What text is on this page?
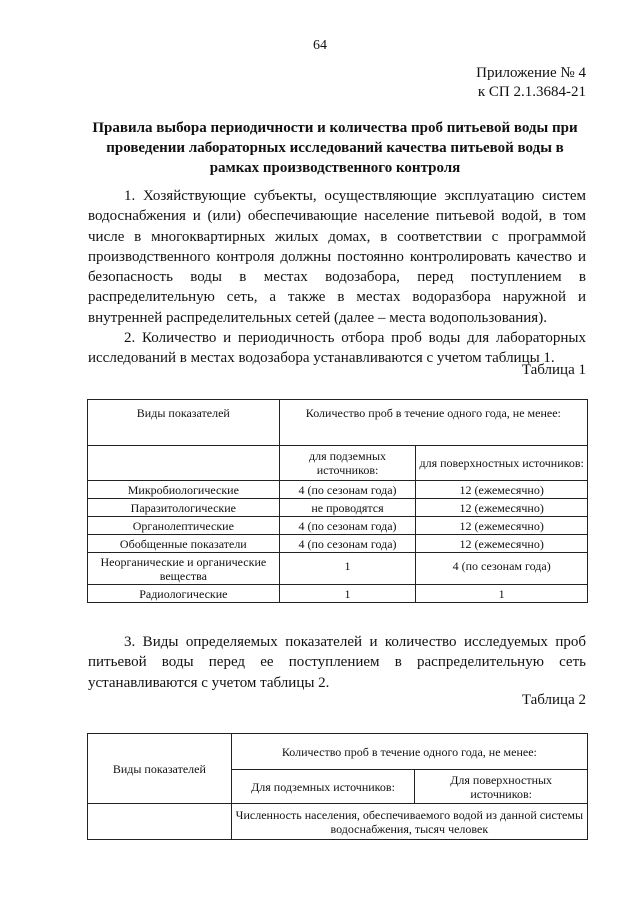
64
Приложение № 4
к СП 2.1.3684-21
Правила выбора периодичности и количества проб питьевой воды при проведении лабораторных исследований качества питьевой воды в рамках производственного контроля
1. Хозяйствующие субъекты, осуществляющие эксплуатацию систем водоснабжения и (или) обеспечивающие население питьевой водой, в том числе в многоквартирных жилых домах, в соответствии с программой производственного контроля должны постоянно контролировать качество и безопасность воды в местах водозабора, перед поступлением в распределительную сеть, а также в местах водоразбора наружной и внутренней распределительных сетей (далее – места водопользования).
2. Количество и периодичность отбора проб воды для лабораторных исследований в местах водозабора устанавливаются с учетом таблицы 1.
Таблица 1
Виды показателей	Количество проб в течение одного года, не менее:	
	для подземных источников:	для поверхностных источников:
Микробиологические	4 (по сезонам года)	12 (ежемесячно)
Паразитологические	не проводятся	12 (ежемесячно)
Органолептические	4 (по сезонам года)	12 (ежемесячно)
Обобщенные показатели	4 (по сезонам года)	12 (ежемесячно)
Неорганические и органические вещества	1	4 (по сезонам года)
Радиологические	1	1
3. Виды определяемых показателей и количество исследуемых проб питьевой воды перед ее поступлением в распределительную сеть устанавливаются с учетом таблицы 2.
Таблица 2
Виды показателей	Количество проб в течение одного года, не менее:	
	Для подземных источников:	Для поверхностных источников:
	Численность населения, обеспечиваемого водой из данной системы водоснабжения, тысяч человек	
